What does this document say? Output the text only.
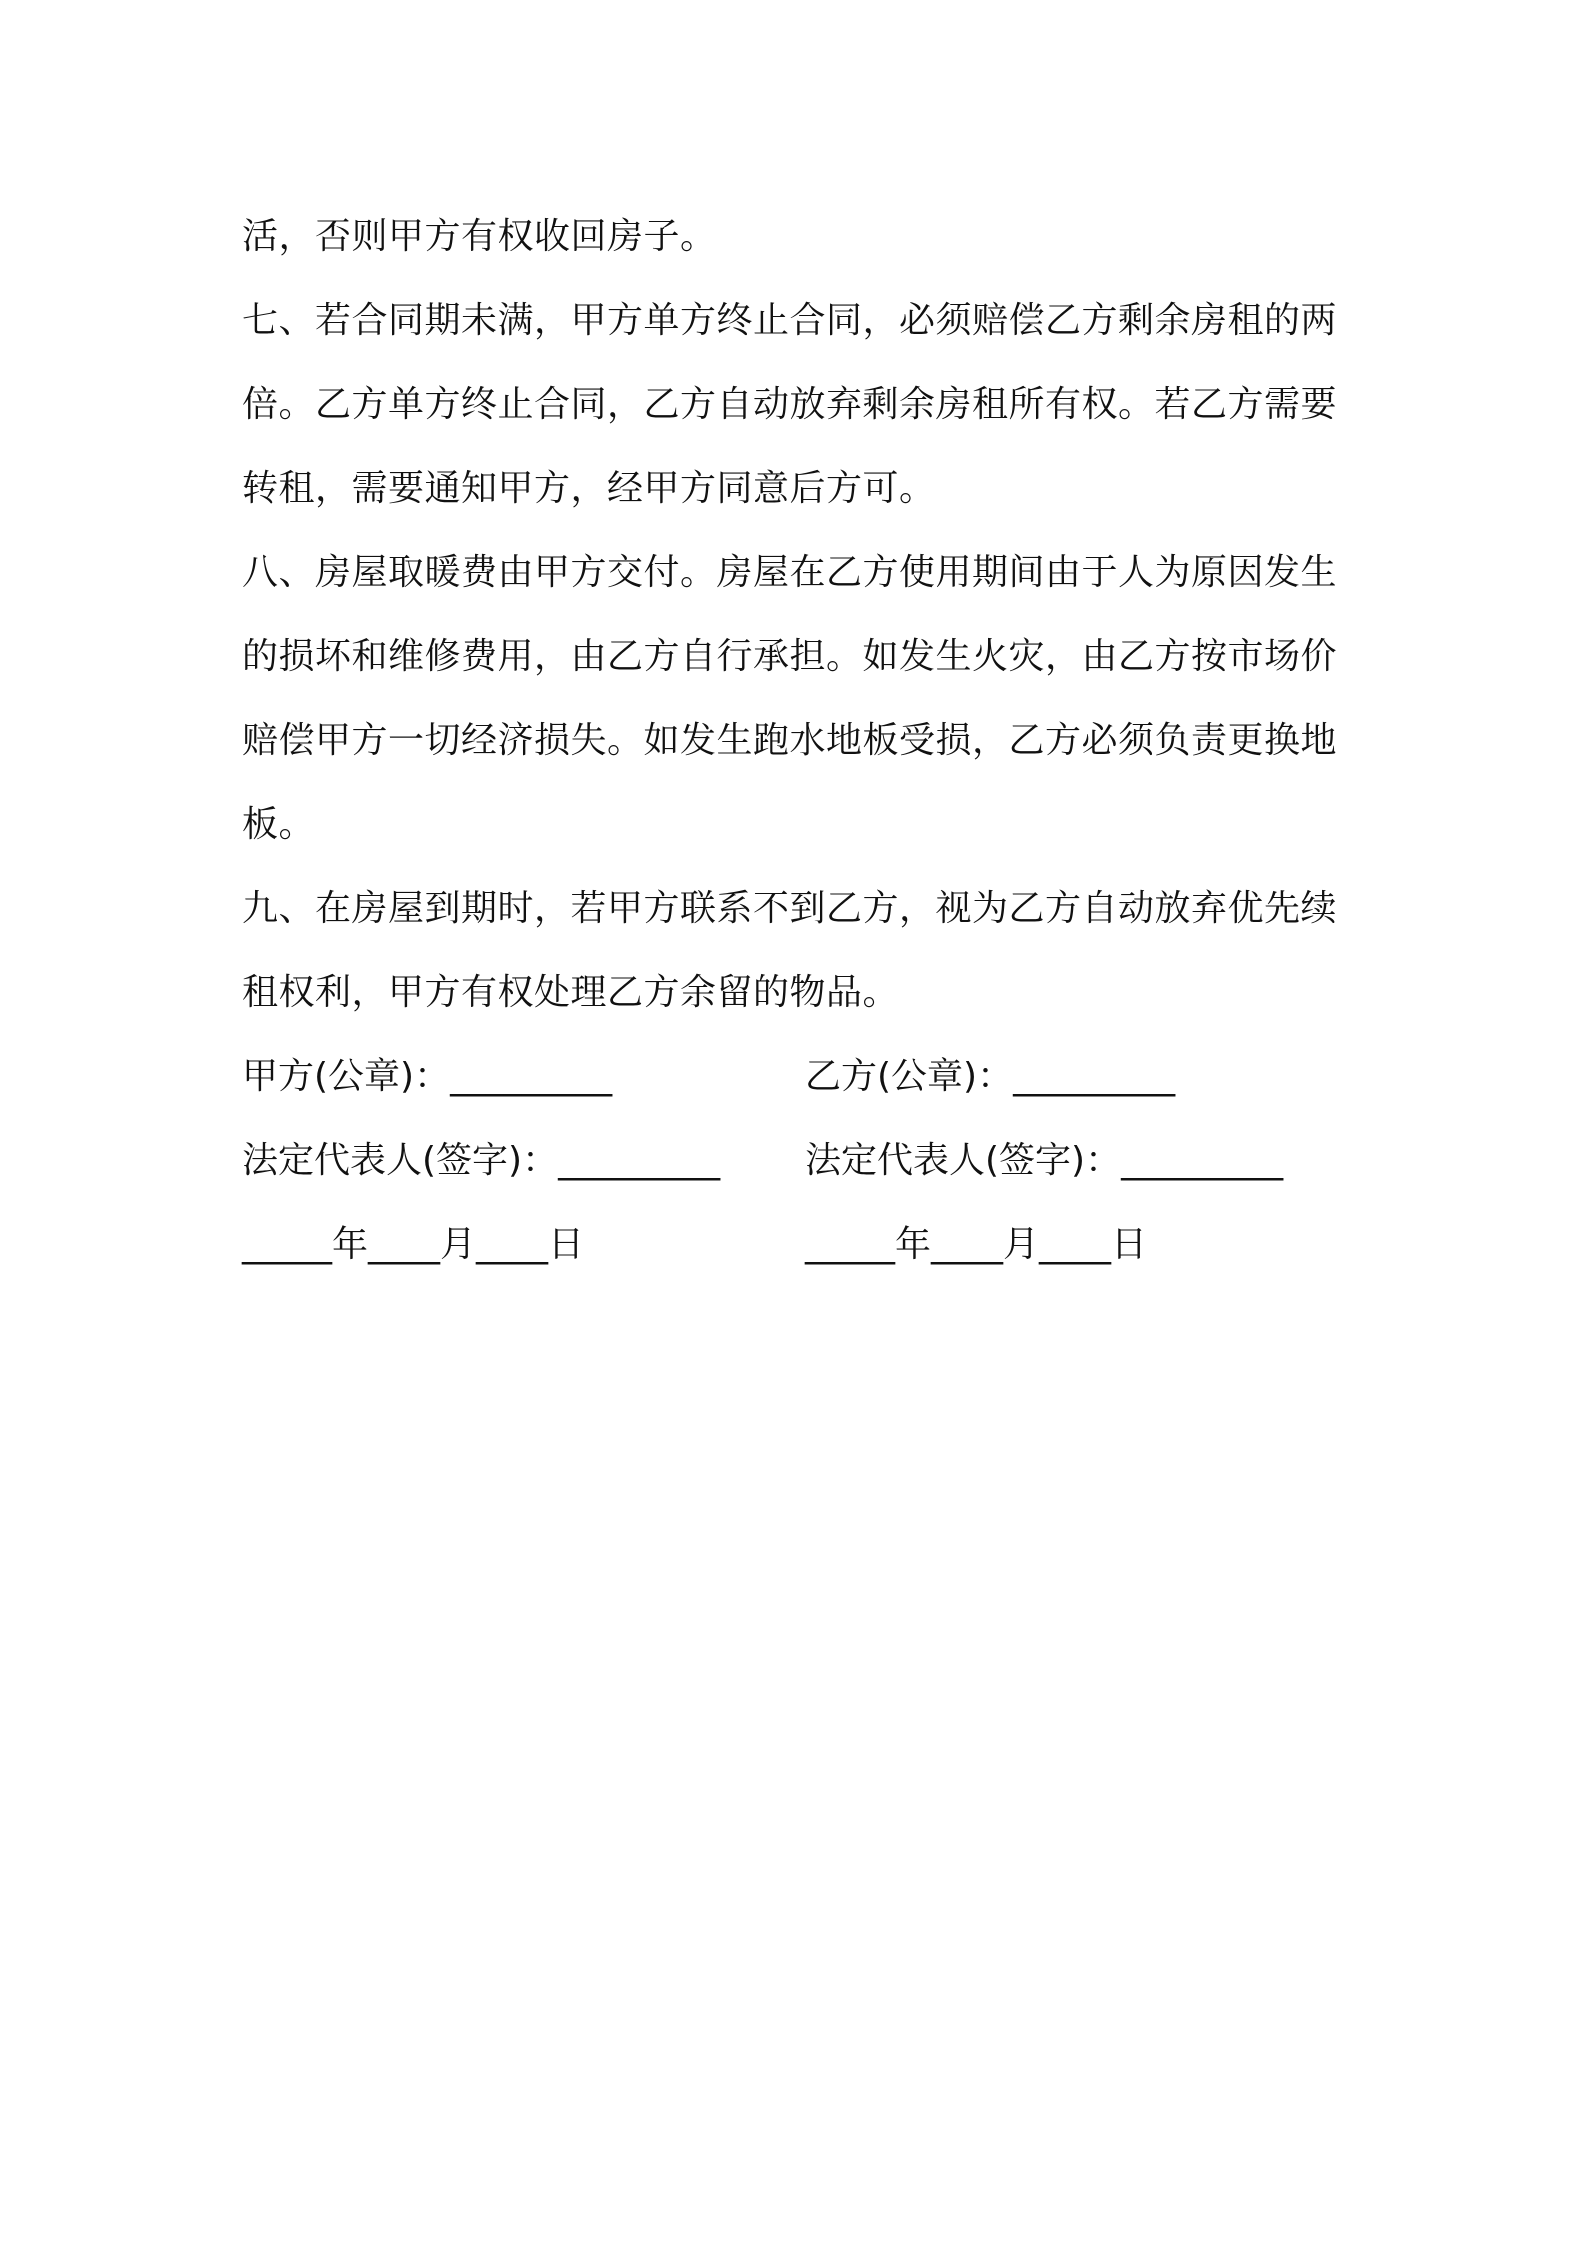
活，否则甲方有权收回房子。
七、若合同期未满，甲方单方终止合同，必须赔偿乙方剩余房租的两
倍。乙方单方终止合同，乙方自动放弃剩余房租所有权。若乙方需要
转租，需要通知甲方，经甲方同意后方可。
八、房屋取暖费由甲方交付。房屋在乙方使用期间由于人为原因发生
的损坏和维修费用，由乙方自行承担。如发生火灾，由乙方按市场价
赔偿甲方一切经济损失。如发生跑水地板受损，乙方必须负责更换地
板。
九、在房屋到期时，若甲方联系不到乙方，视为乙方自动放弃优先续
租权利，甲方有权处理乙方余留的物品。
甲方(公章)：_________	乙方(公章)：_________
法定代表人(签字)：_________	法定代表人(签字)：_________
_____年____月____日	_____年____月____日
